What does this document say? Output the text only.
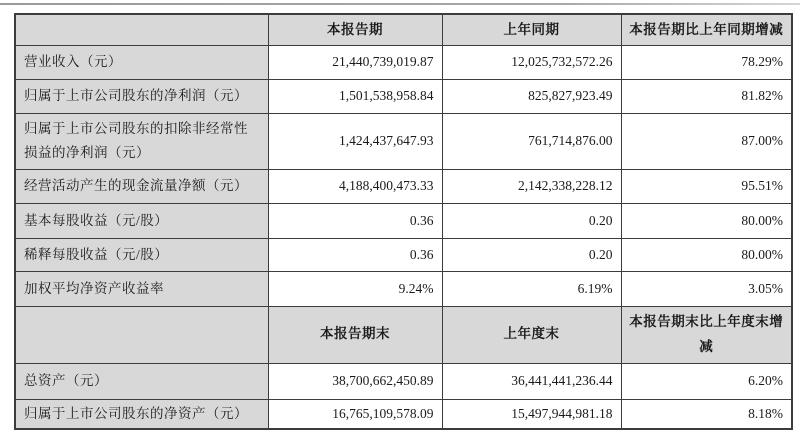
	本报告期	上年同期	本报告期比上年同期增减
营业收入（元）	21,440,739,019.87	12,025,732,572.26	78.29%
归属于上市公司股东的净利润（元）	1,501,538,958.84	825,827,923.49	81.82%
归属于上市公司股东的扣除非经常性损益的净利润（元）	1,424,437,647.93	761,714,876.00	87.00%
经营活动产生的现金流量净额（元）	4,188,400,473.33	2,142,338,228.12	95.51%
基本每股收益（元/股）	0.36	0.20	80.00%
稀释每股收益（元/股）	0.36	0.20	80.00%
加权平均净资产收益率	9.24%	6.19%	3.05%
	本报告期末	上年度末	本报告期末比上年度末增减
总资产（元）	38,700,662,450.89	36,441,441,236.44	6.20%
归属于上市公司股东的净资产（元）	16,765,109,578.09	15,497,944,981.18	8.18%
